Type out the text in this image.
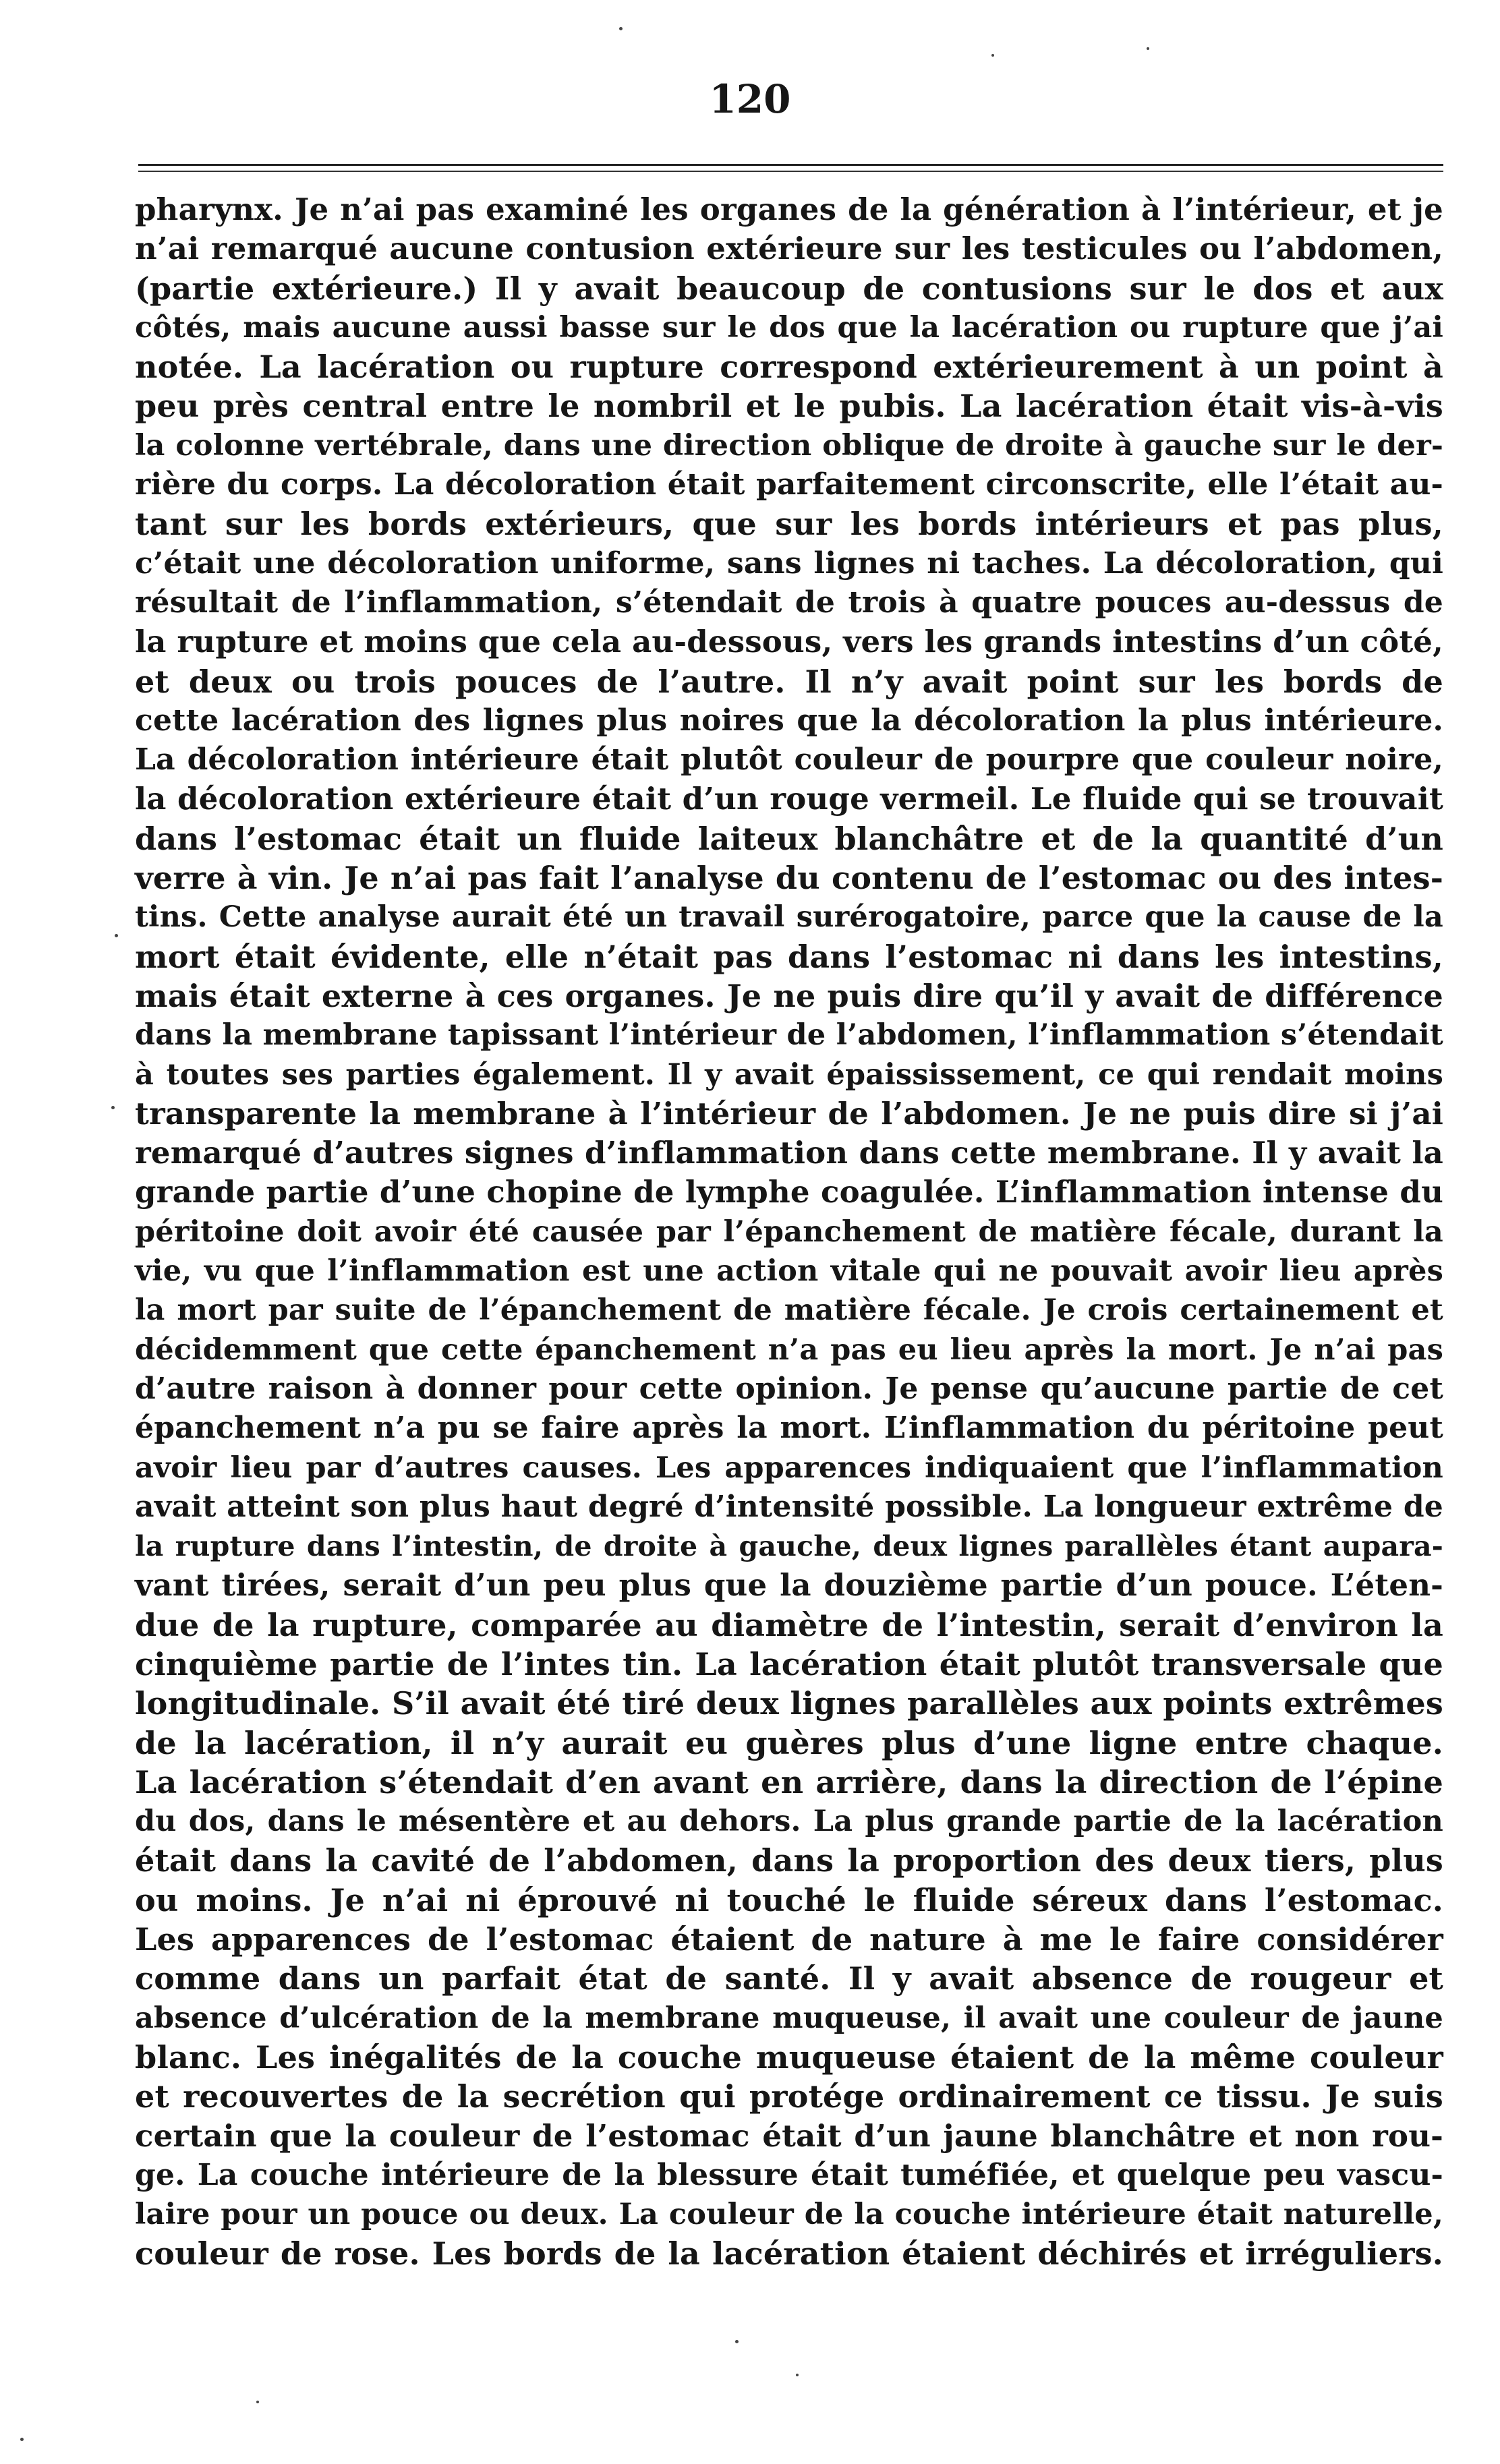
120
pharynx. Je n’ai pas examiné les organes de la génération à l’intérieur, et je
n’ai remarqué aucune contusion extérieure sur les testicules ou l’abdomen,
(partie extérieure.) Il y avait beaucoup de contusions sur le dos et aux
côtés, mais aucune aussi basse sur le dos que la lacération ou rupture que j’ai
notée. La lacération ou rupture correspond extérieurement à un point à
peu près central entre le nombril et le pubis. La lacération était vis-à-vis
la colonne vertébrale, dans une direction oblique de droite à gauche sur le der-
rière du corps. La décoloration était parfaitement circonscrite, elle l’était au-
tant sur les bords extérieurs, que sur les bords intérieurs et pas plus,
c’était une décoloration uniforme, sans lignes ni taches. La décoloration, qui
résultait de l’inflammation, s’étendait de trois à quatre pouces au-dessus de
la rupture et moins que cela au-dessous, vers les grands intestins d’un côté,
et deux ou trois pouces de l’autre. Il n’y avait point sur les bords de
cette lacération des lignes plus noires que la décoloration la plus intérieure.
La décoloration intérieure était plutôt couleur de pourpre que couleur noire,
la décoloration extérieure était d’un rouge vermeil. Le fluide qui se trouvait
dans l’estomac était un fluide laiteux blanchâtre et de la quantité d’un
verre à vin. Je n’ai pas fait l’analyse du contenu de l’estomac ou des intes-
tins. Cette analyse aurait été un travail surérogatoire, parce que la cause de la
mort était évidente, elle n’était pas dans l’estomac ni dans les intestins,
mais était externe à ces organes. Je ne puis dire qu’il y avait de différence
dans la membrane tapissant l’intérieur de l’abdomen, l’inflammation s’étendait
à toutes ses parties également. Il y avait épaississement, ce qui rendait moins
transparente la membrane à l’intérieur de l’abdomen. Je ne puis dire si j’ai
remarqué d’autres signes d’inflammation dans cette membrane. Il y avait la
grande partie d’une chopine de lymphe coagulée. L’inflammation intense du
péritoine doit avoir été causée par l’épanchement de matière fécale, durant la
vie, vu que l’inflammation est une action vitale qui ne pouvait avoir lieu après
la mort par suite de l’épanchement de matière fécale. Je crois certainement et
décidemment que cette épanchement n’a pas eu lieu après la mort. Je n’ai pas
d’autre raison à donner pour cette opinion. Je pense qu’aucune partie de cet
épanchement n’a pu se faire après la mort. L’inflammation du péritoine peut
avoir lieu par d’autres causes. Les apparences indiquaient que l’inflammation
avait atteint son plus haut degré d’intensité possible. La longueur extrême de
la rupture dans l’intestin, de droite à gauche, deux lignes parallèles étant aupara-
vant tirées, serait d’un peu plus que la douzième partie d’un pouce. L’éten-
due de la rupture, comparée au diamètre de l’intestin, serait d’environ la
cinquième partie de l’intes tin. La lacération était plutôt transversale que
longitudinale. S’il avait été tiré deux lignes parallèles aux points extrêmes
de la lacération, il n’y aurait eu guères plus d’une ligne entre chaque.
La lacération s’étendait d’en avant en arrière, dans la direction de l’épine
du dos, dans le mésentère et au dehors. La plus grande partie de la lacération
était dans la cavité de l’abdomen, dans la proportion des deux tiers, plus
ou moins. Je n’ai ni éprouvé ni touché le fluide séreux dans l’estomac.
Les apparences de l’estomac étaient de nature à me le faire considérer
comme dans un parfait état de santé. Il y avait absence de rougeur et
absence d’ulcération de la membrane muqueuse, il avait une couleur de jaune
blanc. Les inégalités de la couche muqueuse étaient de la même couleur
et recouvertes de la secrétion qui protége ordinairement ce tissu. Je suis
certain que la couleur de l’estomac était d’un jaune blanchâtre et non rou-
ge. La couche intérieure de la blessure était tuméfiée, et quelque peu vascu-
laire pour un pouce ou deux. La couleur de la couche intérieure était naturelle,
couleur de rose. Les bords de la lacération étaient déchirés et irréguliers.
